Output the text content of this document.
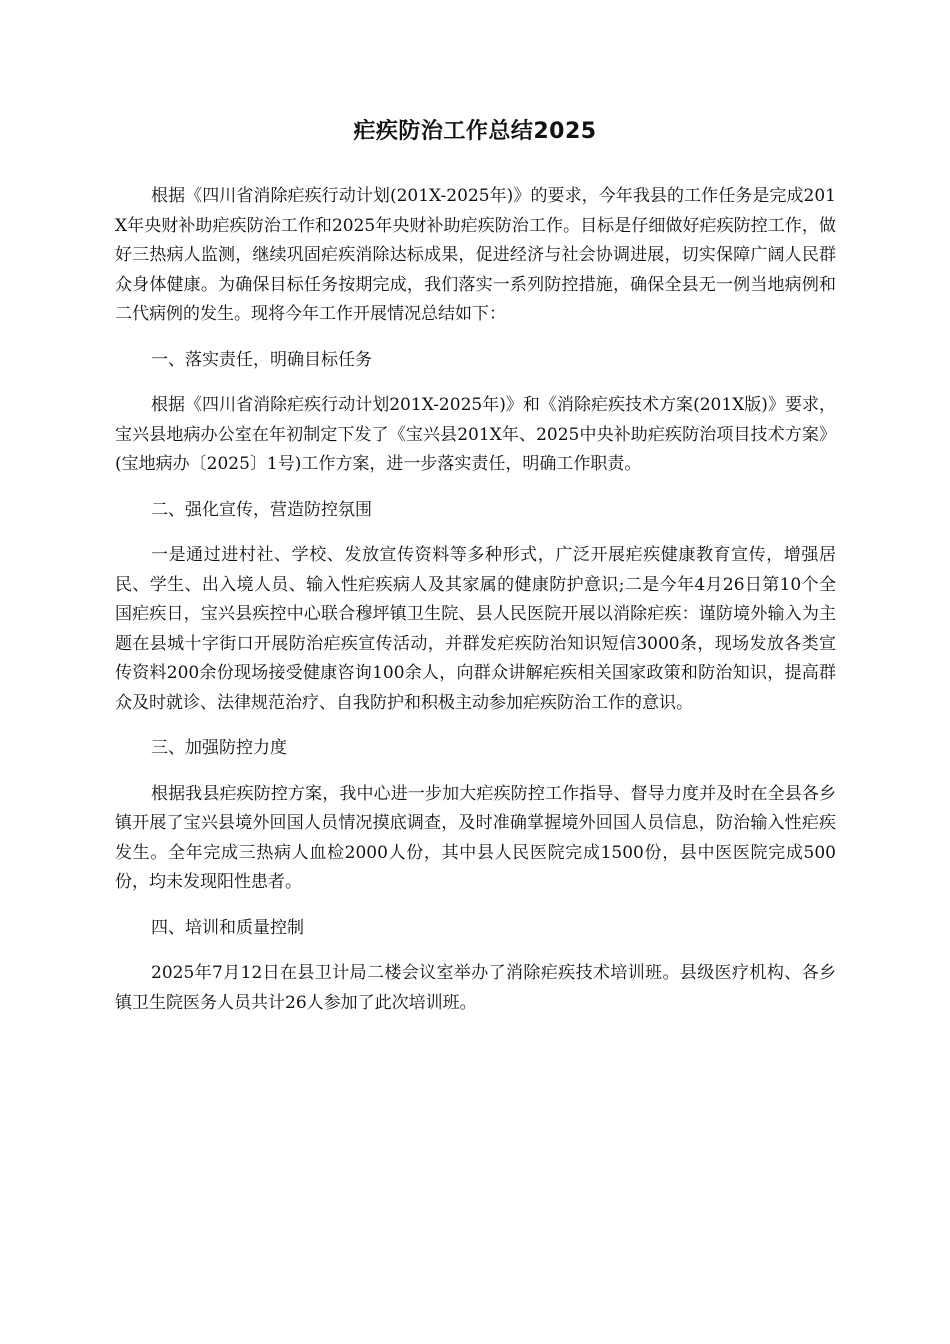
疟疾防治工作总结2025

根据《四川省消除疟疾行动计划(201X-2025年)》的要求，今年我县的工作任务是完成201X年央财补助疟疾防治工作和2025年央财补助疟疾防治工作。目标是仔细做好疟疾防控工作，做好三热病人监测，继续巩固疟疾消除达标成果，促进经济与社会协调进展，切实保障广阔人民群众身体健康。为确保目标任务按期完成，我们落实一系列防控措施，确保全县无一例当地病例和二代病例的发生。现将今年工作开展情况总结如下：

一、落实责任，明确目标任务

根据《四川省消除疟疾行动计划201X-2025年)》和《消除疟疾技术方案(201X版)》要求，宝兴县地病办公室在年初制定下发了《宝兴县201X年、2025中央补助疟疾防治项目技术方案》(宝地病办〔2025〕1号)工作方案，进一步落实责任，明确工作职责。

二、强化宣传，营造防控氛围

一是通过进村社、学校、发放宣传资料等多种形式，广泛开展疟疾健康教育宣传，增强居民、学生、出入境人员、输入性疟疾病人及其家属的健康防护意识;二是今年4月26日第10个全国疟疾日，宝兴县疾控中心联合穆坪镇卫生院、县人民医院开展以消除疟疾：谨防境外输入为主题在县城十字街口开展防治疟疾宣传活动，并群发疟疾防治知识短信3000条，现场发放各类宣传资料200余份现场接受健康咨询100余人，向群众讲解疟疾相关国家政策和防治知识，提高群众及时就诊、法律规范治疗、自我防护和积极主动参加疟疾防治工作的意识。

三、加强防控力度

根据我县疟疾防控方案，我中心进一步加大疟疾防控工作指导、督导力度并及时在全县各乡镇开展了宝兴县境外回国人员情况摸底调查，及时准确掌握境外回国人员信息，防治输入性疟疾发生。全年完成三热病人血检2000人份，其中县人民医院完成1500份，县中医医院完成500份，均未发现阳性患者。

四、培训和质量控制

2025年7月12日在县卫计局二楼会议室举办了消除疟疾技术培训班。县级医疗机构、各乡镇卫生院医务人员共计26人参加了此次培训班。
